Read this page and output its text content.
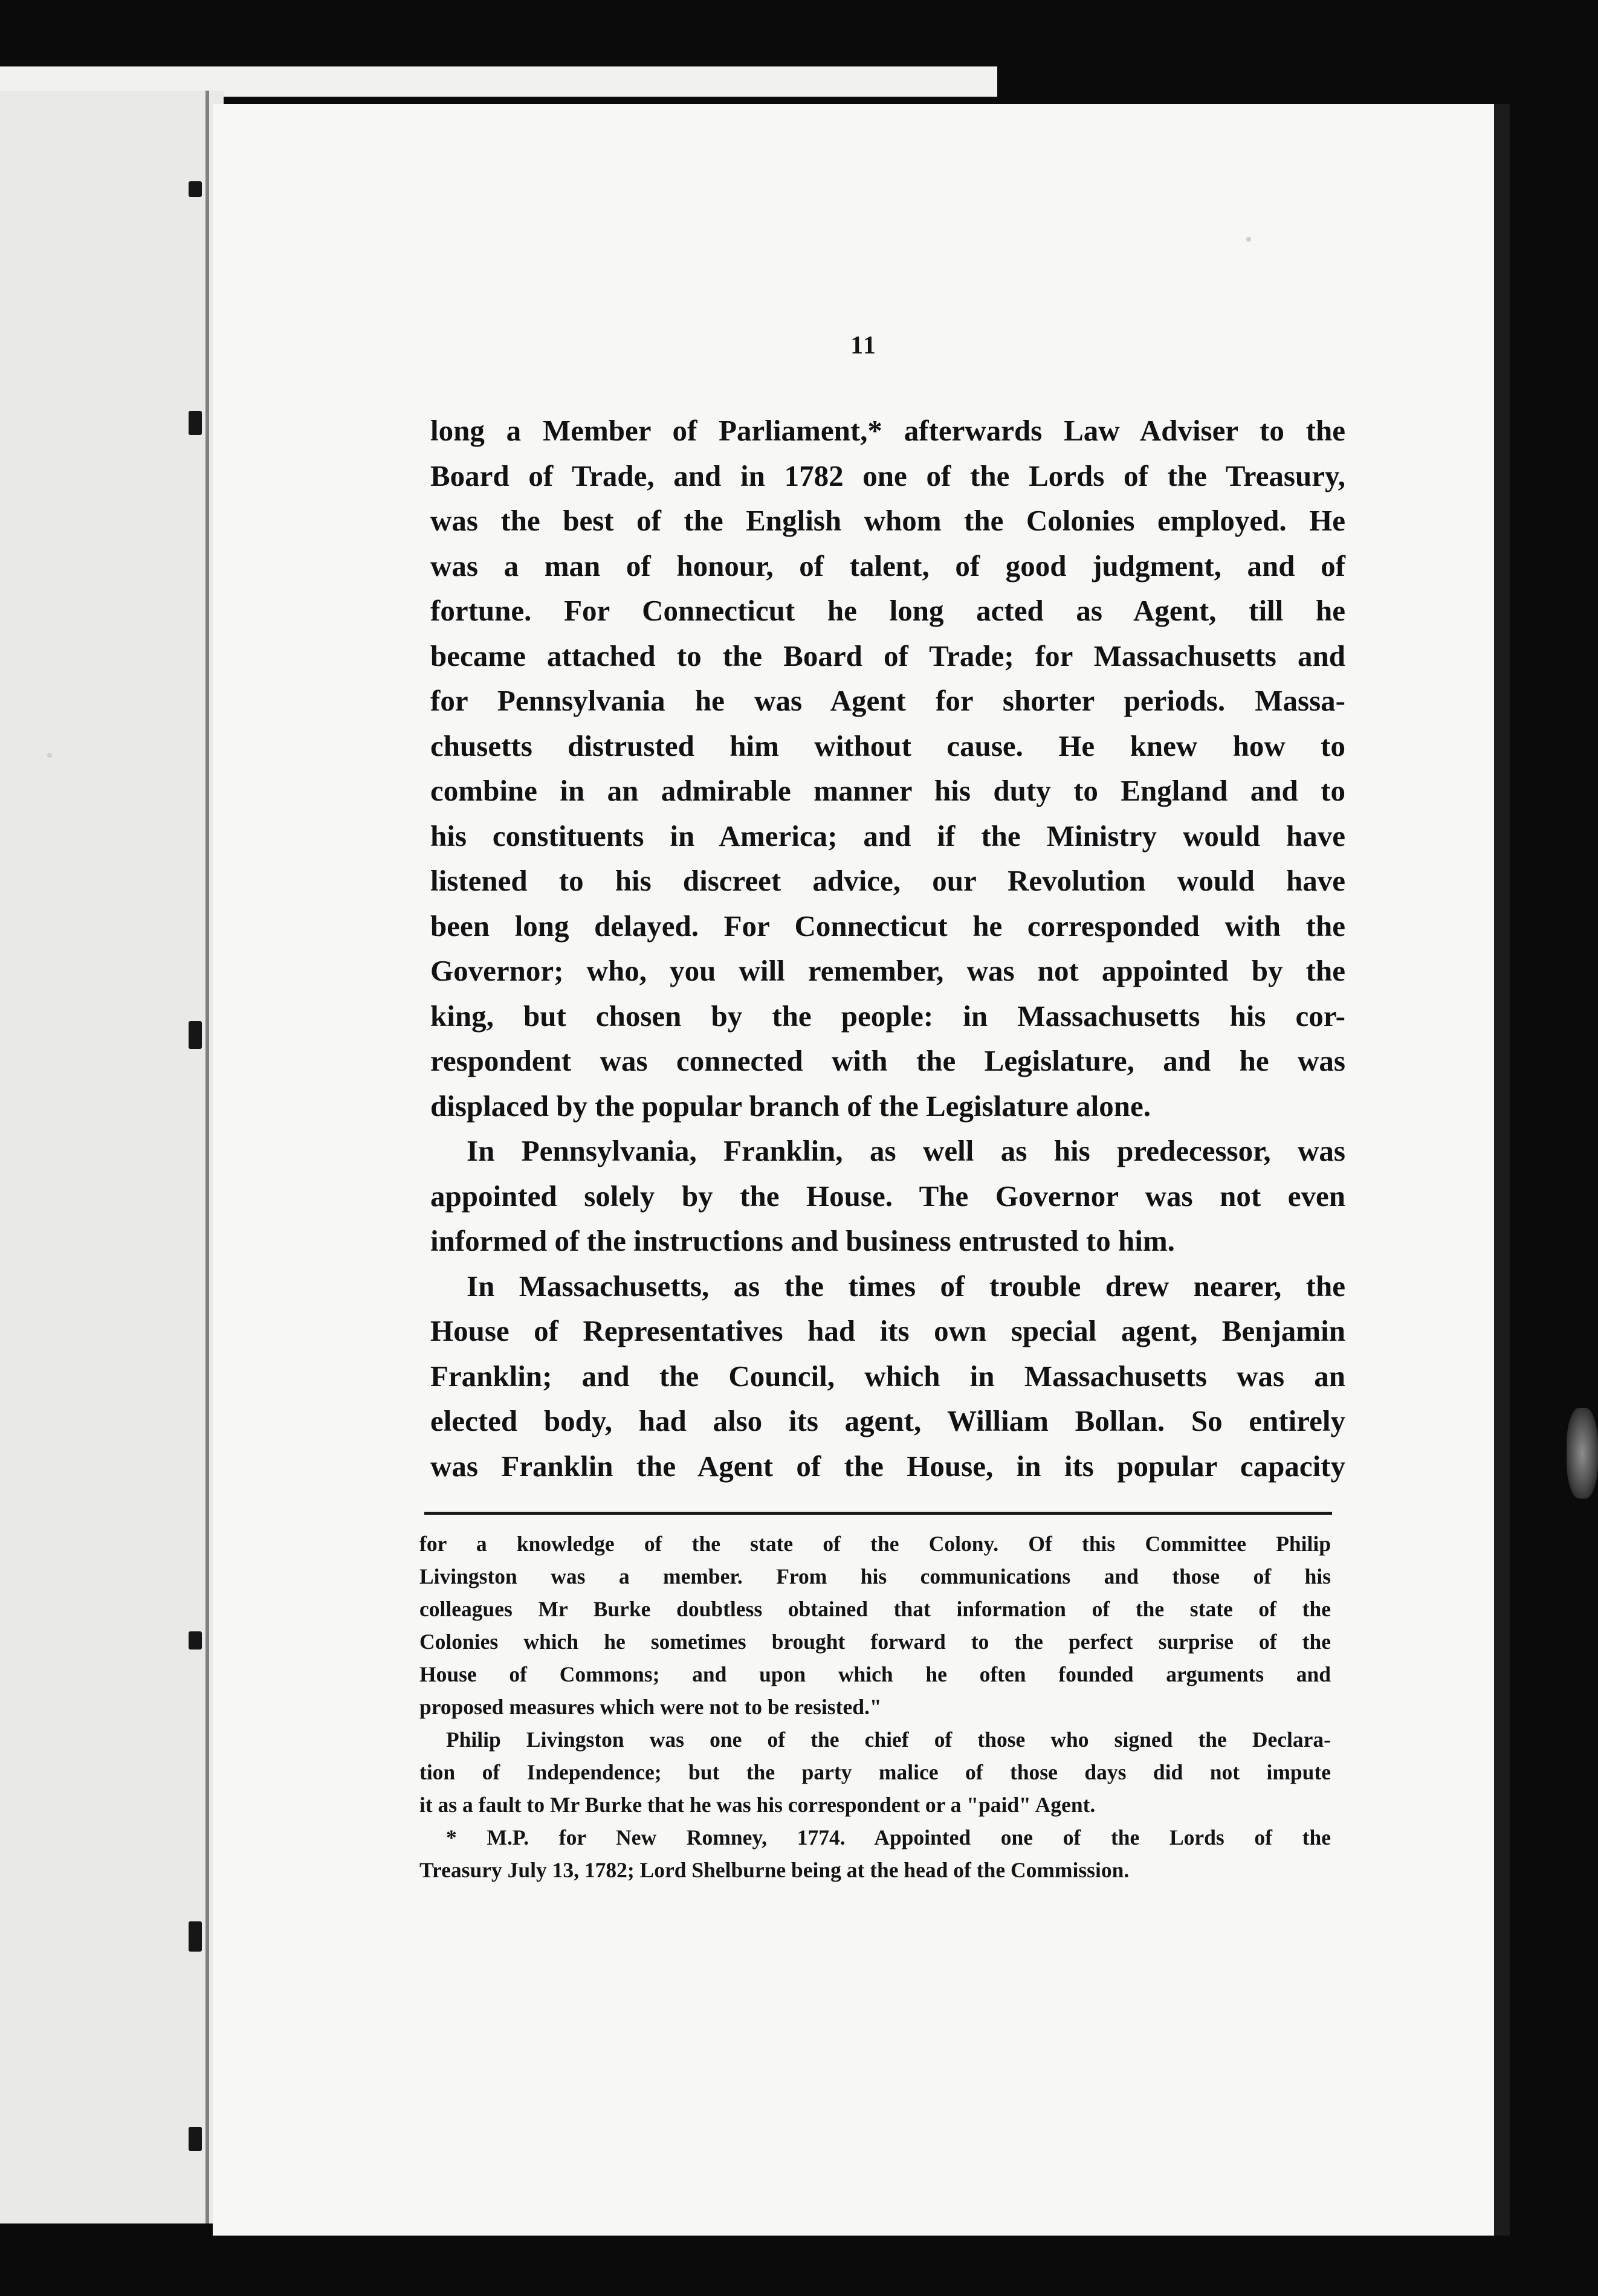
11

long a Member of Parliament,* afterwards Law Adviser to the

Board of Trade, and in 1782 one of the Lords of the Treasury,

was the best of the English whom the Colonies employed. He

was a man of honour, of talent, of good judgment, and of

fortune. For Connecticut he long acted as Agent, till he

became attached to the Board of Trade; for Massachusetts and

for Pennsylvania he was Agent for shorter periods. Massa-

chusetts distrusted him without cause. He knew how to

combine in an admirable manner his duty to England and to

his constituents in America; and if the Ministry would have

listened to his discreet advice, our Revolution would have

been long delayed. For Connecticut he corresponded with the

Governor; who, you will remember, was not appointed by the

king, but chosen by the people: in Massachusetts his cor-

respondent was connected with the Legislature, and he was

displaced by the popular branch of the Legislature alone.

In Pennsylvania, Franklin, as well as his predecessor, was

appointed solely by the House. The Governor was not even

informed of the instructions and business entrusted to him.

In Massachusetts, as the times of trouble drew nearer, the

House of Representatives had its own special agent, Benjamin

Franklin; and the Council, which in Massachusetts was an

elected body, had also its agent, William Bollan. So entirely

was Franklin the Agent of the House, in its popular capacity

for a knowledge of the state of the Colony. Of this Committee Philip

Livingston was a member. From his communications and those of his

colleagues Mr Burke doubtless obtained that information of the state of the

Colonies which he sometimes brought forward to the perfect surprise of the

House of Commons; and upon which he often founded arguments and

proposed measures which were not to be resisted."

Philip Livingston was one of the chief of those who signed the Declara-

tion of Independence; but the party malice of those days did not impute

it as a fault to Mr Burke that he was his correspondent or a "paid" Agent.

* M.P. for New Romney, 1774. Appointed one of the Lords of the

Treasury July 13, 1782; Lord Shelburne being at the head of the Commission.
